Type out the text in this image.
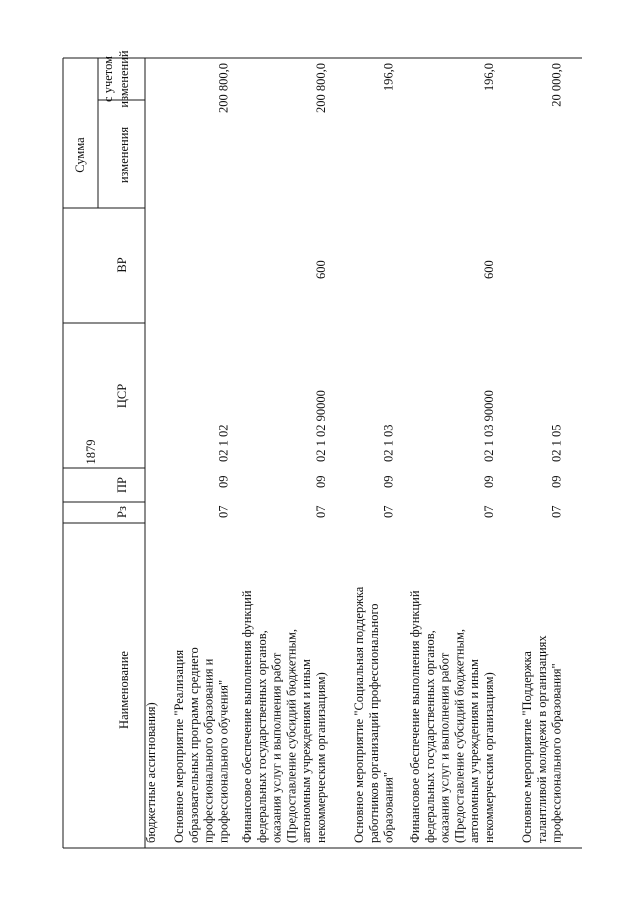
1879
Наименование
Рз
ПР
ЦСР
ВР
Сумма изменения
с учетом изменений
бюджетные ассигнования) Основное мероприятие "Реализация образовательных программ среднего профессионального образования и профессионального обучения"
07
09
02 1 02
200 800,0
Финансовое обеспечение выполнения функций федеральных государственных органов, оказания услуг и выполнения работ (Предоставление субсидий бюджетным, автономным учреждениям и иным некоммерческим организациям)
07
09
02 1 02 90000
600
200 800,0
Основное мероприятие "Социальная поддержка работников организаций профессионального образования"
07
09
02 1 03
196,0
Финансовое обеспечение выполнения функций федеральных государственных органов, оказания услуг и выполнения работ (Предоставление субсидий бюджетным, автономным учреждениям и иным некоммерческим организациям)
07
09
02 1 03 90000
600
196,0
Основное мероприятие "Поддержка талантливой молодежи в организациях профессионального образования"
07
09
02 1 05
20 000,0
